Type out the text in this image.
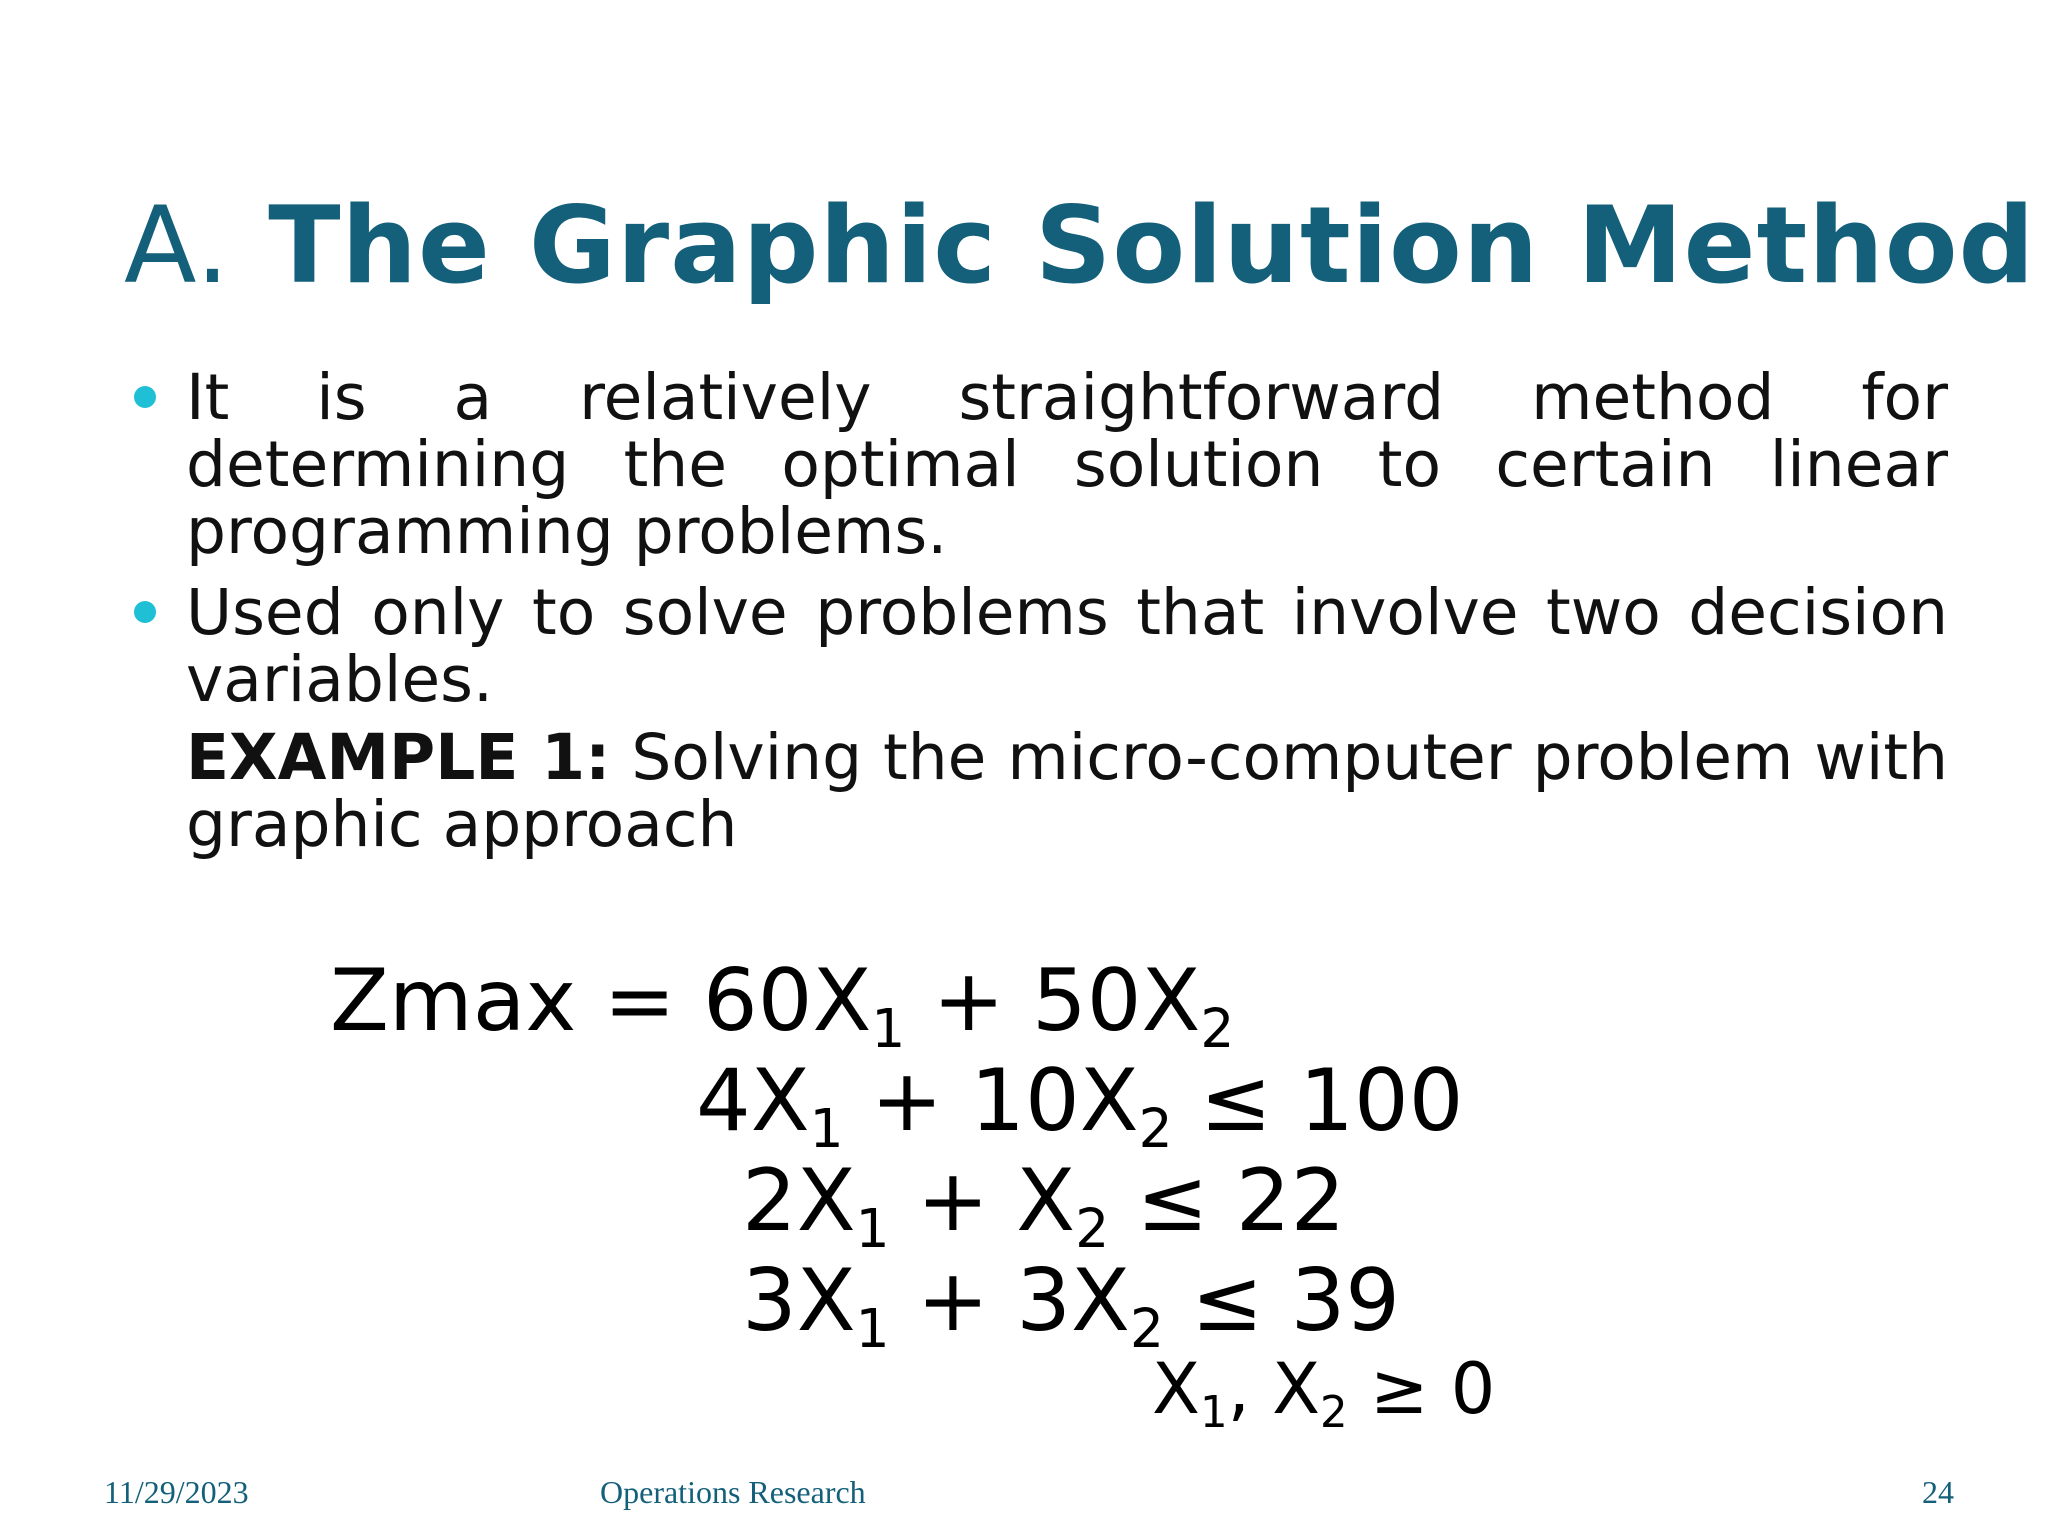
A. The Graphic Solution Method
It is a relatively straightforward method for determining the optimal solution to certain linear programming problems.
Used only to solve problems that involve two decision variables.

EXAMPLE 1: Solving the micro-computer problem with graphic approach

$Zmax = 60X_1 + 50X_2$
$4X_1 + 10X_2 \le 100$
$2X_1 + X_2 \le 22$
$3X_1 + 3X_2 \le 39$
$X_1$, $X_2 \ge 0$
11/29/2023	Operations Research	24
